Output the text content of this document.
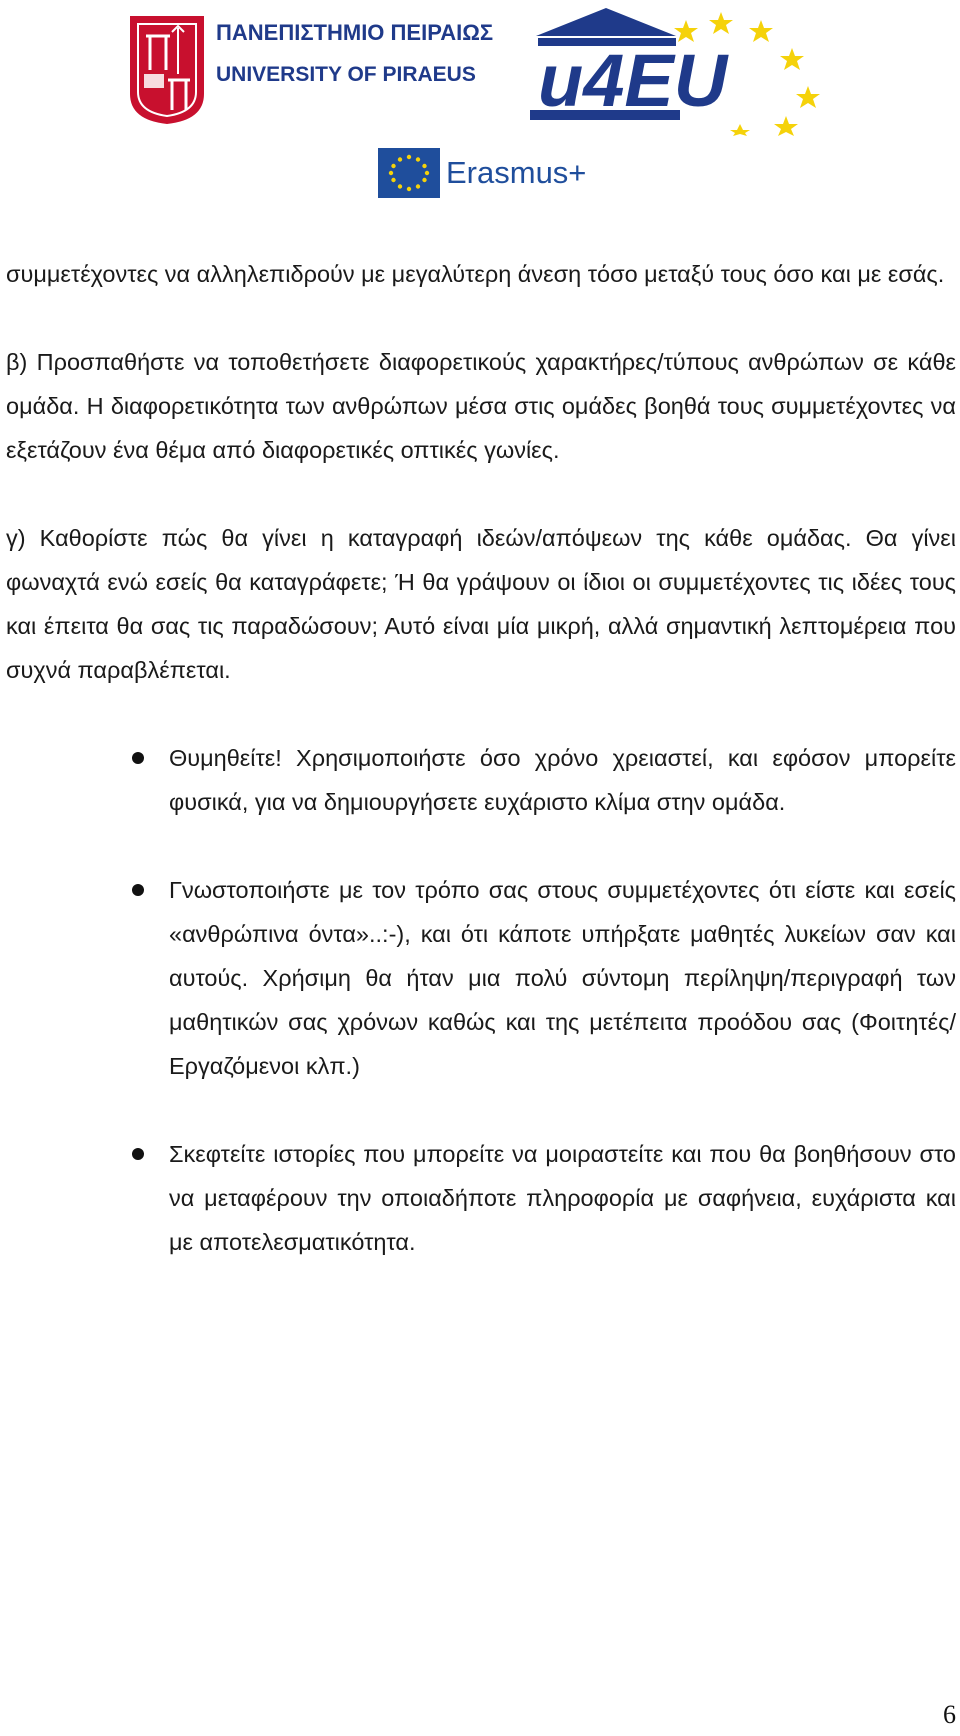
ΠΑΝΕΠΙΣΤΗΜΙΟ ΠΕΙΡΑΙΩΣ
UNIVERSITY OF PIRAEUS u4EU
Erasmus+

συμμετέχοντες να αλληλεπιδρούν με μεγαλύτερη άνεση τόσο μεταξύ τους όσο και με εσάς.

β) Προσπαθήστε να τοποθετήσετε διαφορετικούς χαρακτήρες/τύπους ανθρώπων σε κάθε ομάδα. Η διαφορετικότητα των ανθρώπων μέσα στις ομάδες βοηθά τους συμμετέχοντες να εξετάζουν ένα θέμα από διαφορετικές οπτικές γωνίες.

γ) Καθορίστε πώς θα γίνει η καταγραφή ιδεών/απόψεων της κάθε ομάδας. Θα γίνει φωναχτά ενώ εσείς θα καταγράφετε; Ή θα γράψουν οι ίδιοι οι συμμετέχοντες τις ιδέες τους και έπειτα θα σας τις παραδώσουν; Αυτό είναι μία μικρή, αλλά σημαντική λεπτομέρεια που συχνά παραβλέπεται.

Θυμηθείτε! Χρησιμοποιήστε όσο χρόνο χρειαστεί, και εφόσον μπορείτε φυσικά, για να δημιουργήσετε ευχάριστο κλίμα στην ομάδα.

Γνωστοποιήστε με τον τρόπο σας στους συμμετέχοντες ότι είστε και εσείς «ανθρώπινα όντα»..:-), και ότι κάποτε υπήρξατε μαθητές λυκείων σαν και αυτούς. Χρήσιμη θα ήταν μια πολύ σύντομη περίληψη/περιγραφή των μαθητικών σας χρόνων καθώς και της μετέπειτα προόδου σας (Φοιτητές/Εργαζόμενοι κλπ.)

Σκεφτείτε ιστορίες που μπορείτε να μοιραστείτε και που θα βοηθήσουν στο να μεταφέρουν την οποιαδήποτε πληροφορία με σαφήνεια, ευχάριστα και με αποτελεσματικότητα.

6
